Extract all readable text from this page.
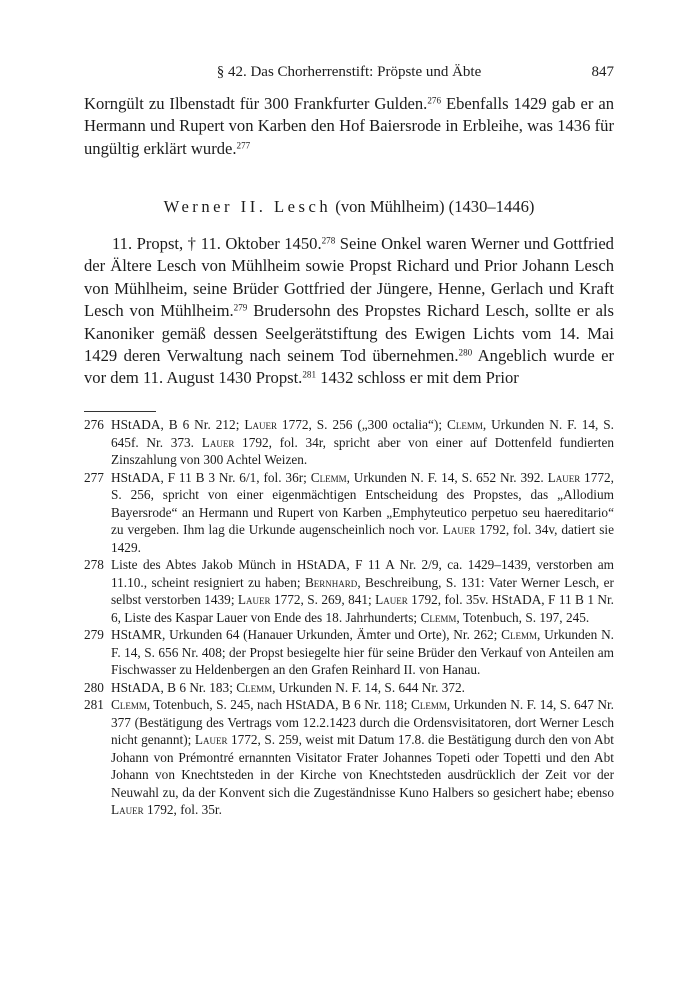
§ 42. Das Chorherrenstift: Pröpste und Äbte	847

Korngült zu Ilbenstadt für 300 Frankfurter Gulden.$^{276}$ Ebenfalls 1429 gab er an Hermann und Rupert von Karben den Hof Baiersrode in Erbleihe, was 1436 für ungültig erklärt wurde.$^{277}$

Werner II. Lesch (von Mühlheim) (1430–1446)

11. Propst, † 11. Oktober 1450.$^{278}$ Seine Onkel waren Werner und Gottfried der Ältere Lesch von Mühlheim sowie Propst Richard und Prior Johann Lesch von Mühlheim, seine Brüder Gottfried der Jüngere, Henne, Gerlach und Kraft Lesch von Mühlheim.$^{279}$ Brudersohn des Propstes Richard Lesch, sollte er als Kanoniker gemäß dessen Seelgerätstiftung des Ewigen Lichts vom 14. Mai 1429 deren Verwaltung nach seinem Tod übernehmen.$^{280}$ Angeblich wurde er vor dem 11. August 1430 Propst.$^{281}$ 1432 schloss er mit dem Prior

276 HStADA, B 6 Nr. 212; Lauer 1772, S. 256 („300 octalia“); Clemm, Urkunden N. F. 14, S. 645f. Nr. 373. Lauer 1792, fol. 34r, spricht aber von einer auf Dottenfeld fundierten Zinszahlung von 300 Achtel Weizen.
277 HStADA, F 11 B 3 Nr. 6/1, fol. 36r; Clemm, Urkunden N. F. 14, S. 652 Nr. 392. Lauer 1772, S. 256, spricht von einer eigenmächtigen Entscheidung des Propstes, das „Allodium Bayersrode“ an Hermann und Rupert von Karben „Emphyteutico perpetuo seu haereditario“ zu vergeben. Ihm lag die Urkunde augenscheinlich noch vor. Lauer 1792, fol. 34v, datiert sie 1429.
278 Liste des Abtes Jakob Münch in HStADA, F 11 A Nr. 2/9, ca. 1429–1439, verstorben am 11.10., scheint resigniert zu haben; Bernhard, Beschreibung, S. 131: Vater Werner Lesch, er selbst verstorben 1439; Lauer 1772, S. 269, 841; Lauer 1792, fol. 35v. HStADA, F 11 B 1 Nr. 6, Liste des Kaspar Lauer von Ende des 18. Jahrhunderts; Clemm, Totenbuch, S. 197, 245.
279 HStAMR, Urkunden 64 (Hanauer Urkunden, Ämter und Orte), Nr. 262; Clemm, Urkunden N. F. 14, S. 656 Nr. 408; der Propst besiegelte hier für seine Brüder den Verkauf von Anteilen am Fischwasser zu Heldenbergen an den Grafen Reinhard II. von Hanau.
280 HStADA, B 6 Nr. 183; Clemm, Urkunden N. F. 14, S. 644 Nr. 372.
281 Clemm, Totenbuch, S. 245, nach HStADA, B 6 Nr. 118; Clemm, Urkunden N. F. 14, S. 647 Nr. 377 (Bestätigung des Vertrags vom 12.2.1423 durch die Ordensvisitatoren, dort Werner Lesch nicht genannt); Lauer 1772, S. 259, weist mit Datum 17.8. die Bestätigung durch den von Abt Johann von Prémontré ernannten Visitator Frater Johannes Topeti oder Topetti und den Abt Johann von Knechtsteden in der Kirche von Knechtsteden ausdrücklich der Zeit vor der Neuwahl zu, da der Konvent sich die Zugeständnisse Kuno Halbers so gesichert habe; ebenso Lauer 1792, fol. 35r.
